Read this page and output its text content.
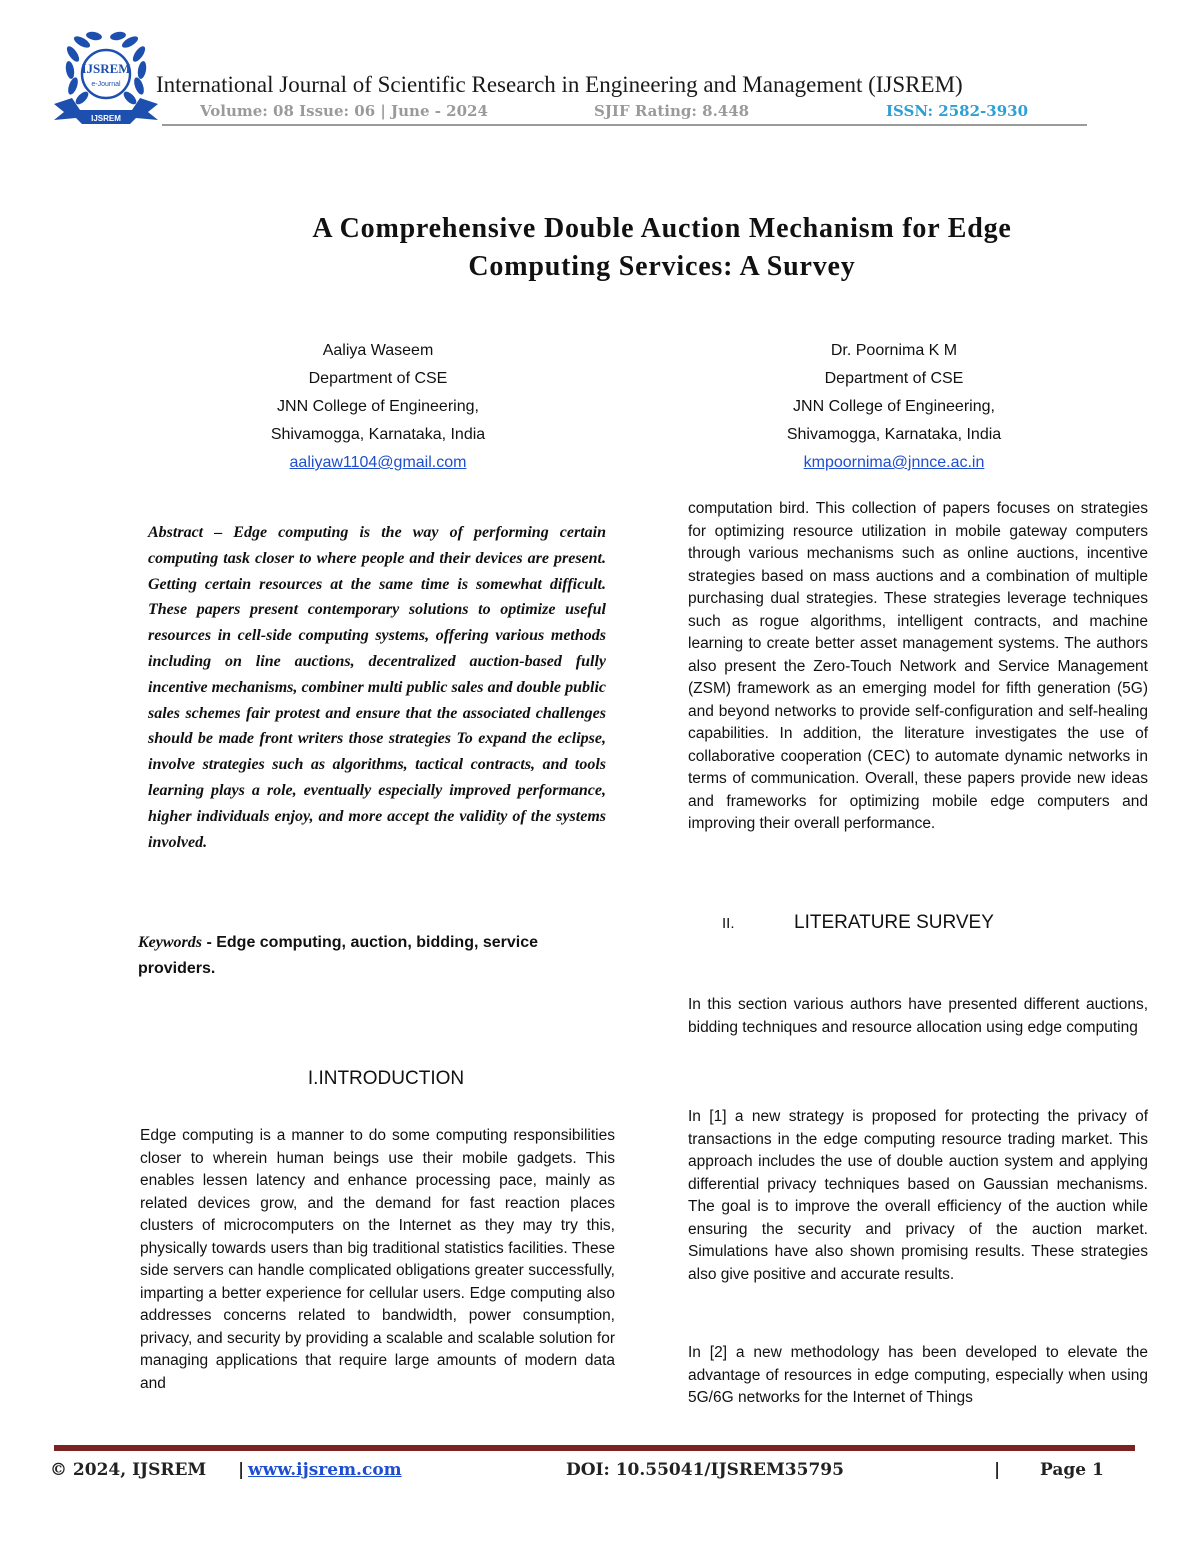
IJSREM
e-Journal
IJSREM
International Journal of Scientific Research in Engineering and Management (IJSREM)
Volume: 08 Issue: 06 | June - 2024	SJIF Rating: 8.448	ISSN: 2582-3930
A Comprehensive Double Auction Mechanism for Edge
Computing Services: A Survey
Aaliya Waseem
Department of CSE
JNN College of Engineering,
Shivamogga, Karnataka, India
aaliyaw1104@gmail.com
Dr. Poornima K M
Department of CSE
JNN College of Engineering,
Shivamogga, Karnataka, India
kmpoornima@jnnce.ac.in
Abstract – Edge computing is the way of performing certain computing task closer to where people and their devices are present. Getting certain resources at the same time is somewhat difficult. These papers present contemporary solutions to optimize useful resources in cell-side computing systems, offering various methods including on line auctions, decentralized auction-based fully incentive mechanisms, combiner multi public sales and double public sales schemes fair protest and ensure that the associated challenges should be made front writers those strategies To expand the eclipse, involve strategies such as algorithms, tactical contracts, and tools learning plays a role, eventually especially improved performance, higher individuals enjoy, and more accept the validity of the systems involved.
Keywords - Edge computing, auction, bidding, service providers.
I.INTRODUCTION
Edge computing is a manner to do some computing responsibilities closer to wherein human beings use their mobile gadgets. This enables lessen latency and enhance processing pace, mainly as related devices grow, and the demand for fast reaction places clusters of microcomputers on the Internet as they may try this, physically towards users than big traditional statistics facilities. These side servers can handle complicated obligations greater successfully, imparting a better experience for cellular users. Edge computing also addresses concerns related to bandwidth, power consumption, privacy, and security by providing a scalable and scalable solution for managing applications that require large amounts of modern data and
computation bird. This collection of papers focuses on strategies for optimizing resource utilization in mobile gateway computers through various mechanisms such as online auctions, incentive strategies based on mass auctions and a combination of multiple purchasing dual strategies. These strategies leverage techniques such as rogue algorithms, intelligent contracts, and machine learning to create better asset management systems. The authors also present the Zero-Touch Network and Service Management (ZSM) framework as an emerging model for fifth generation (5G) and beyond networks to provide self-configuration and self-healing capabilities. In addition, the literature investigates the use of collaborative cooperation (CEC) to automate dynamic networks in terms of communication. Overall, these papers provide new ideas and frameworks for optimizing mobile edge computers and improving their overall performance.
II.	LITERATURE SURVEY
In this section various authors have presented different auctions, bidding techniques and resource allocation using edge computing
In [1] a new strategy is proposed for protecting the privacy of transactions in the edge computing resource trading market. This approach includes the use of double auction system and applying differential privacy techniques based on Gaussian mechanisms. The goal is to improve the overall efficiency of the auction while ensuring the security and privacy of the auction market. Simulations have also shown promising results. These strategies also give positive and accurate results.
In [2] a new methodology has been developed to elevate the advantage of resources in edge computing, especially when using 5G/6G networks for the Internet of Things
© 2024, IJSREM | www.ijsrem.com	DOI: 10.55041/IJSREM35795	| Page 1
